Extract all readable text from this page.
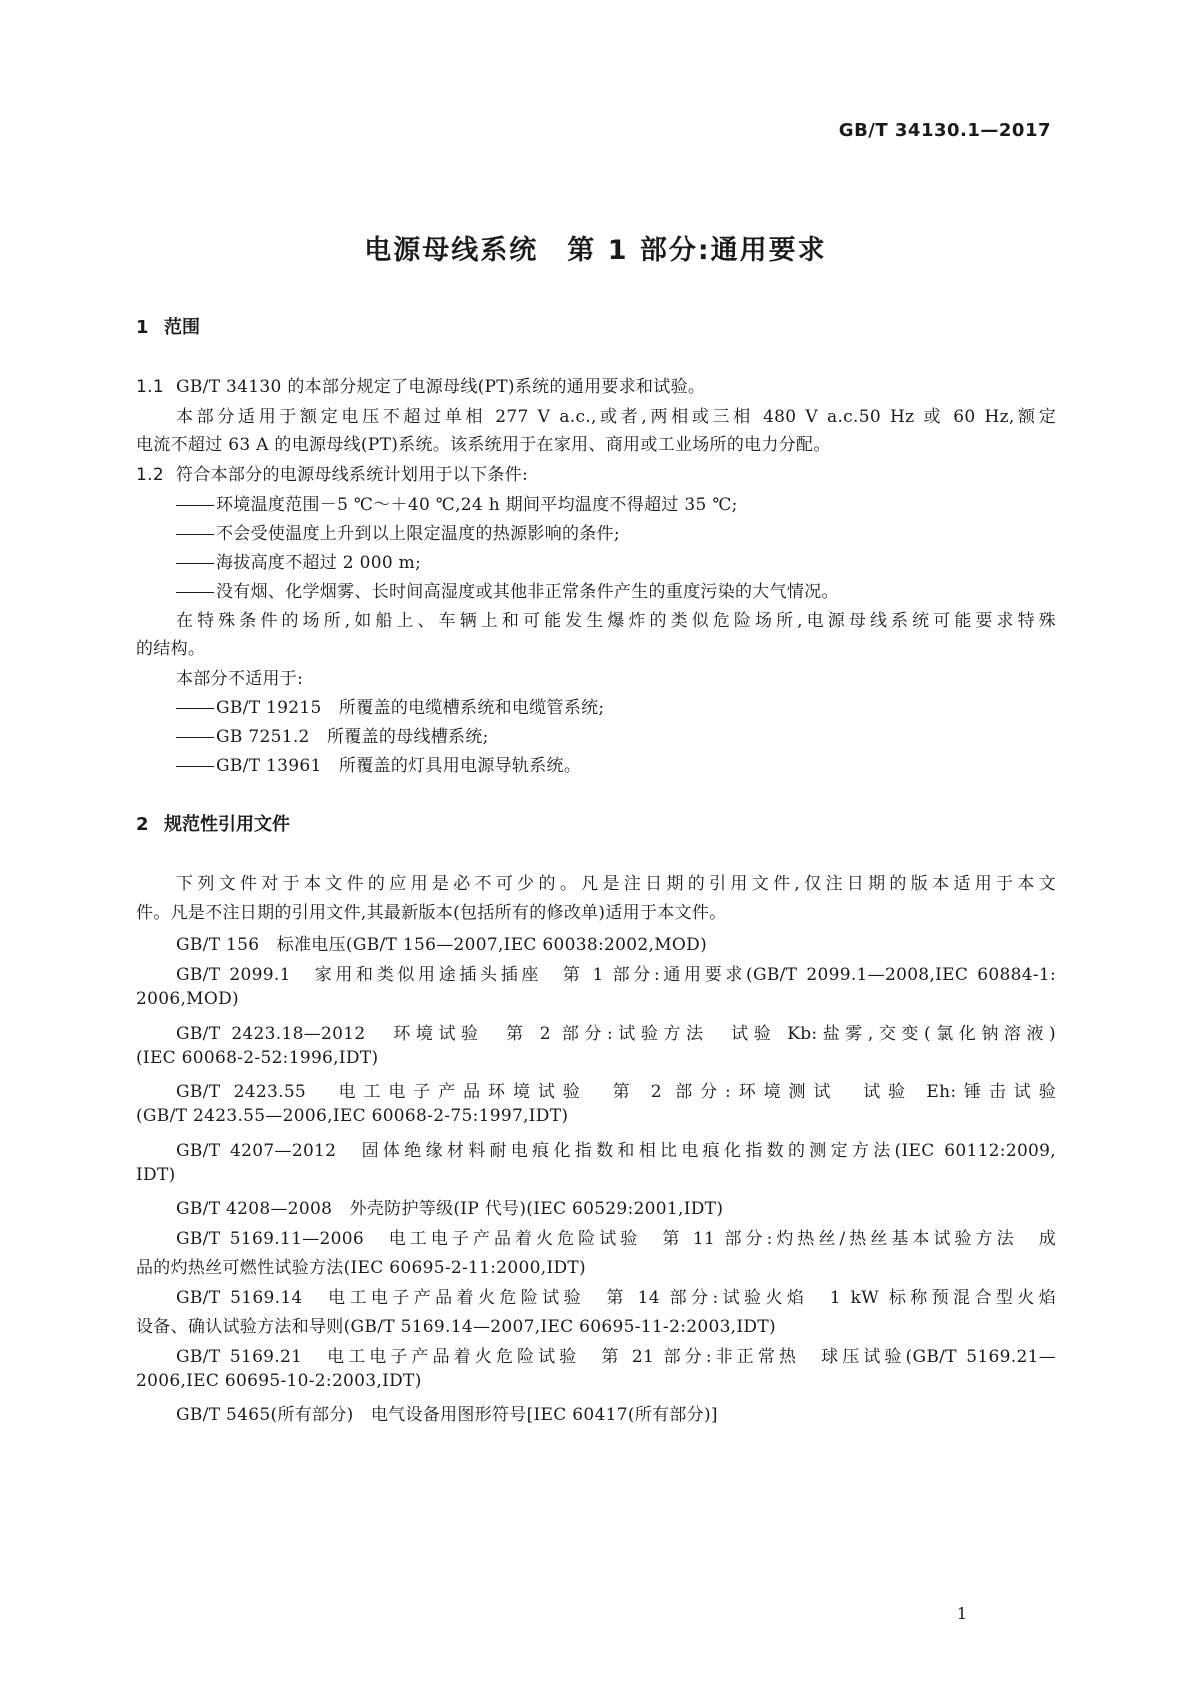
GB/T 34130.1—2017
电源母线系统　第 1 部分:通用要求
1 范围
1.1 GB/T 34130 的本部分规定了电源母线(PT)系统的通用要求和试验。
本部分适用于额定电压不超过单相 277 V a.c.,或者,两相或三相 480 V a.c.50 Hz 或 60 Hz,额定
电流不超过 63 A 的电源母线(PT)系统。该系统用于在家用、商用或工业场所的电力分配。
1.2 符合本部分的电源母线系统计划用于以下条件:
环境温度范围－5 ℃～＋40 ℃,24 h 期间平均温度不得超过 35 ℃;
不会受使温度上升到以上限定温度的热源影响的条件;
海拔高度不超过 2 000 m;
没有烟、化学烟雾、长时间高湿度或其他非正常条件产生的重度污染的大气情况。
在特殊条件的场所,如船上、车辆上和可能发生爆炸的类似危险场所,电源母线系统可能要求特殊
的结构。
本部分不适用于:
GB/T 19215　所覆盖的电缆槽系统和电缆管系统;
GB 7251.2　所覆盖的母线槽系统;
GB/T 13961　所覆盖的灯具用电源导轨系统。
2 规范性引用文件
下列文件对于本文件的应用是必不可少的。凡是注日期的引用文件,仅注日期的版本适用于本文
件。凡是不注日期的引用文件,其最新版本(包括所有的修改单)适用于本文件。
GB/T 156　标准电压(GB/T 156—2007,IEC 60038:2002,MOD)
GB/T 2099.1　家用和类似用途插头插座　第 1 部分:通用要求(GB/T 2099.1—2008,IEC 60884-1:
2006,MOD)
GB/T 2423.18—2012　环境试验　第 2 部分:试验方法　试验 Kb:盐雾,交变(氯化钠溶液)
(IEC 60068-2-52:1996,IDT)
GB/T 2423.55　电工电子产品环境试验　第 2 部分:环境测试　试验 Eh:锤击试验
(GB/T 2423.55—2006,IEC 60068-2-75:1997,IDT)
GB/T 4207—2012　固体绝缘材料耐电痕化指数和相比电痕化指数的测定方法(IEC 60112:2009,
IDT)
GB/T 4208—2008　外壳防护等级(IP 代号)(IEC 60529:2001,IDT)
GB/T 5169.11—2006　电工电子产品着火危险试验　第 11 部分:灼热丝/热丝基本试验方法　成
品的灼热丝可燃性试验方法(IEC 60695-2-11:2000,IDT)
GB/T 5169.14　电工电子产品着火危险试验　第 14 部分:试验火焰　1 kW 标称预混合型火焰
设备、确认试验方法和导则(GB/T 5169.14—2007,IEC 60695-11-2:2003,IDT)
GB/T 5169.21　电工电子产品着火危险试验　第 21 部分:非正常热　球压试验(GB/T 5169.21—
2006,IEC 60695-10-2:2003,IDT)
GB/T 5465(所有部分)　电气设备用图形符号[IEC 60417(所有部分)]
1
